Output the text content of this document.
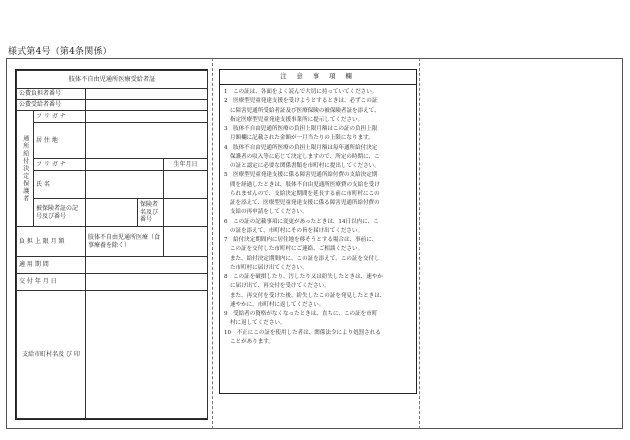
様式第4号（第4条関係）
肢体不自由児通所医療受給者証				
公費負担者番号				
公費受給者番号				
通所給付決定保護者	フ リ ガ ナ			
	居 住 地			
	フ リ ガ ナ			生年月日
	氏 名			
	被保険者証の記号及び番号		保険者名及び番号	
負 担 上 限 月 額		肢体不自由児通所医療（食事療養を除く）		
適 用 期 間				
交 付 年 月 日				
支給市町村名及 び 印				
注 意 事 項 欄
1　この証は、各面をよく読んで大切に持っていてください。
2　医療型児童発達支援を受けようとするときは、必ずこの証
に障害児通所受給者証及び医療保険の被保険者証を添えて、
指定医療型児童発達支援事業所に提示してください。
3　肢体不自由児通所医療の負担上限月額はこの証の負担上限
月額欄に記載された金額が一月当たりの上限になります。
4　肢体不自由児通所医療の負担上限月額は毎年通所給付決定
保護者の収入等に応じて決定しますので、所定の時期に、こ
の証と認定に必要な関係書類を市町村に提出してください。
5　医療型児童発達支援に係る障害児通所給付費の支給決定期
間を経過したときは、肢体不自由児通所医療費の支給を受け
られませんので、支給決定期間を延長する前に市町村にこの
証を添えて、医療型児童発達支援に係る障害児通所給付費の
支給の再申請をしてください。
6　この証の記載事項に変更があったときは、14日以内に、こ
の証を添えて、市町村にその旨を届け出てください。
7　給付決定期間内に居住地を移そうとする場合は、事前に、
この証を交付した市町村にご連絡、ご相談ください。
また、給付決定期間内に、この証を添えて、この証を交付し
た市町村に届け出てください。
8　この証を破損したり、汚したり又は紛失したときは、速やか
に届け出て、再交付を受けてください。
また、再交付を受けた後、紛失したこの証を発見したときは、
速やかに、市町村に返してください。
9　受給者の資格がなくなったときは、直ちに、この証を市町
村に返してください。
10　不正にこの証を使用した者は、関係法令により処罰される
ことがあります。
